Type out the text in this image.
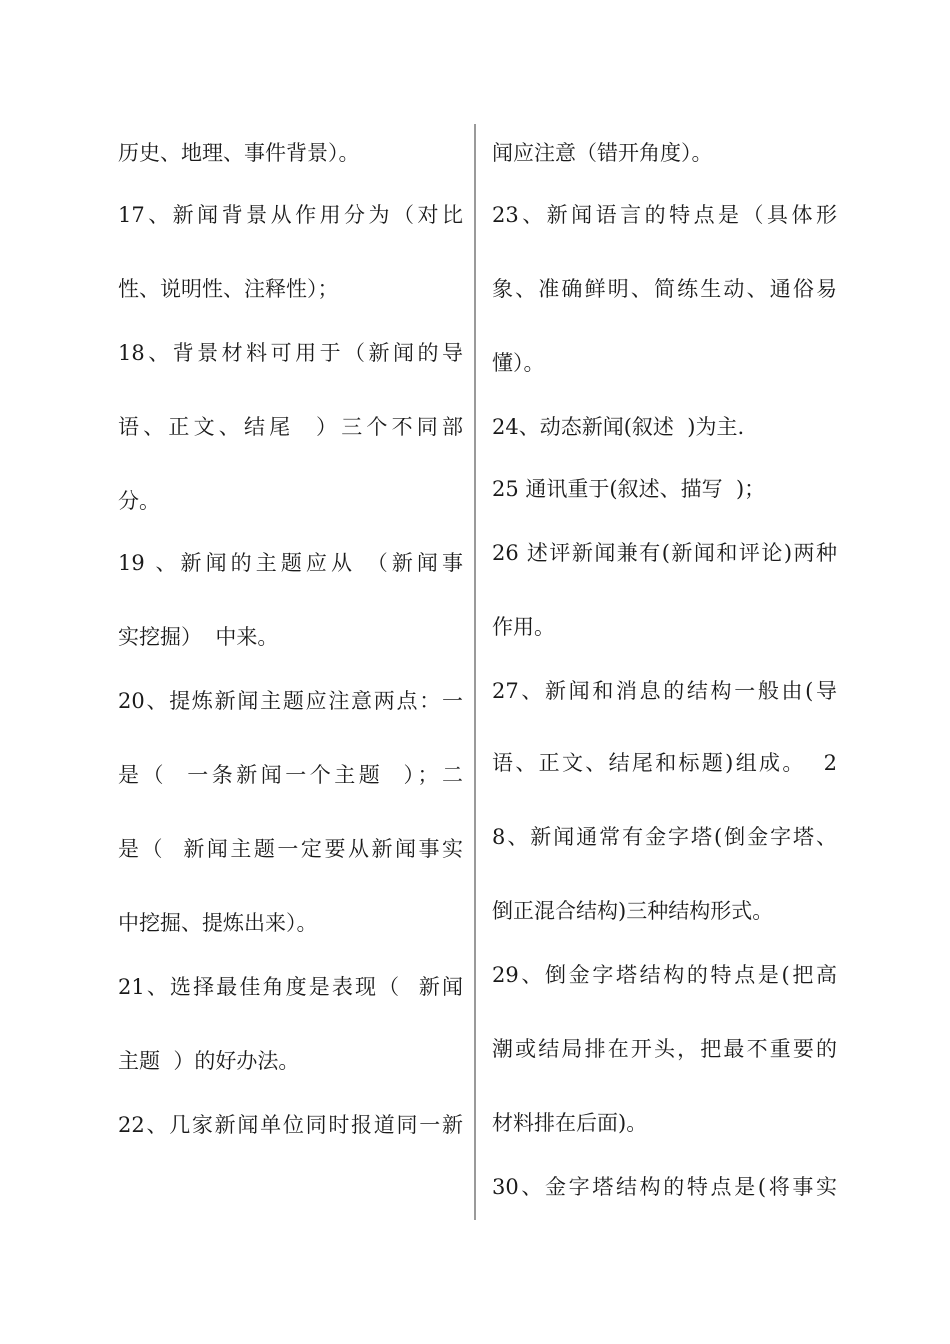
历史、地理、事件背景）。
17、新闻背景从作用分为（对比
性、说明性、注释性）；
18、背景材料可用于（新闻的导
语、正文、结尾  ）三个不同部
分。
19 、新闻的主题应从 （新闻事
实挖掘）  中来。
20、提炼新闻主题应注意两点：一
是（  一条新闻一个主题  ）；二
是（  新闻主题一定要从新闻事实
中挖掘、提炼出来）。
21、选择最佳角度是表现（  新闻
主题  ）的好办法。
22、几家新闻单位同时报道同一新
闻应注意（错开角度）。
23、新闻语言的特点是（具体形
象、准确鲜明、简练生动、通俗易
懂）。
24、动态新闻(叙述  )为主.
25 通讯重于(叙述、描写  )；
26 述评新闻兼有(新闻和评论)两种
作用。
27、新闻和消息的结构一般由(导
语、正文、结尾和标题)组成。  2
8、新闻通常有金字塔(倒金字塔、
倒正混合结构)三种结构形式。
29、倒金字塔结构的特点是(把高
潮或结局排在开头，把最不重要的
材料排在后面)。
30、金字塔结构的特点是(将事实
